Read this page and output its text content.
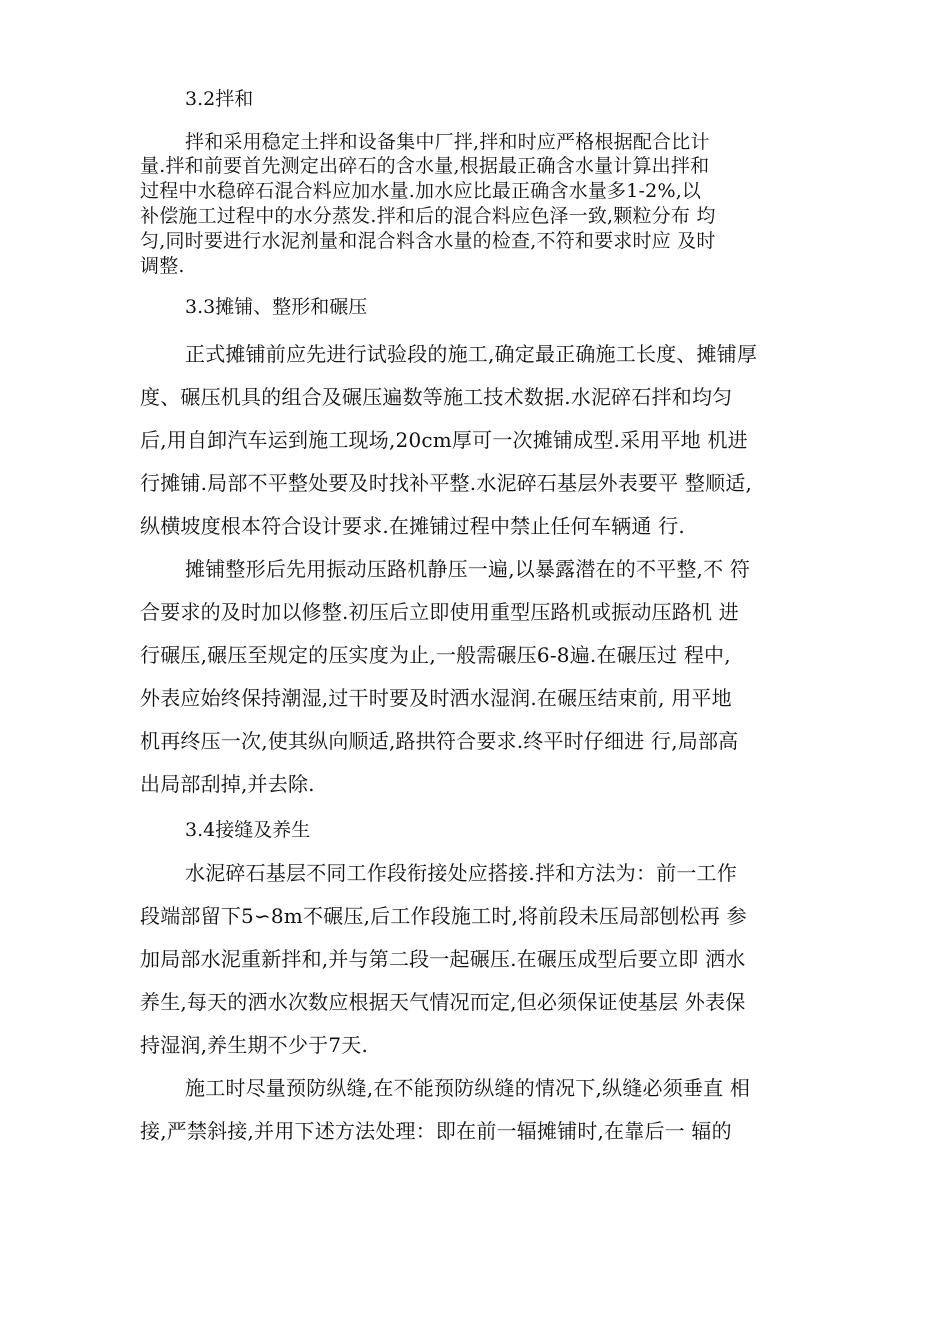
3.2拌和
拌和采用稳定土拌和设备集中厂拌,拌和时应严格根据配合比计
量.拌和前要首先测定出碎石的含水量,根据最正确含水量计算出拌和
过程中水稳碎石混合料应加水量.加水应比最正确含水量多1-2%,以
补偿施工过程中的水分蒸发.拌和后的混合料应色泽一致,颗粒分布 均
匀,同时要进行水泥剂量和混合料含水量的检查,不符和要求时应 及时
调整.
3.3摊铺、整形和碾压
正式摊铺前应先进行试验段的施工,确定最正确施工长度、摊铺厚
度、碾压机具的组合及碾压遍数等施工技术数据.水泥碎石拌和均匀
后,用自卸汽车运到施工现场,20cm厚可一次摊铺成型.采用平地 机进
行摊铺.局部不平整处要及时找补平整.水泥碎石基层外表要平 整顺适,
纵横坡度根本符合设计要求.在摊铺过程中禁止任何车辆通 行.
摊铺整形后先用振动压路机静压一遍,以暴露潜在的不平整,不 符
合要求的及时加以修整.初压后立即使用重型压路机或振动压路机 进
行碾压,碾压至规定的压实度为止,一般需碾压6-8遍.在碾压过 程中,
外表应始终保持潮湿,过干时要及时洒水湿润.在碾压结束前, 用平地
机再终压一次,使其纵向顺适,路拱符合要求.终平时仔细进 行,局部高
出局部刮掉,并去除.
3.4接缝及养生
水泥碎石基层不同工作段衔接处应搭接.拌和方法为：前一工作
段端部留下5∽8m不碾压,后工作段施工时,将前段未压局部刨松再 参
加局部水泥重新拌和,并与第二段一起碾压.在碾压成型后要立即 洒水
养生,每天的洒水次数应根据天气情况而定,但必须保证使基层 外表保
持湿润,养生期不少于7天.
施工时尽量预防纵缝,在不能预防纵缝的情况下,纵缝必须垂直 相
接,严禁斜接,并用下述方法处理：即在前一辐摊铺时,在靠后一 辐的
